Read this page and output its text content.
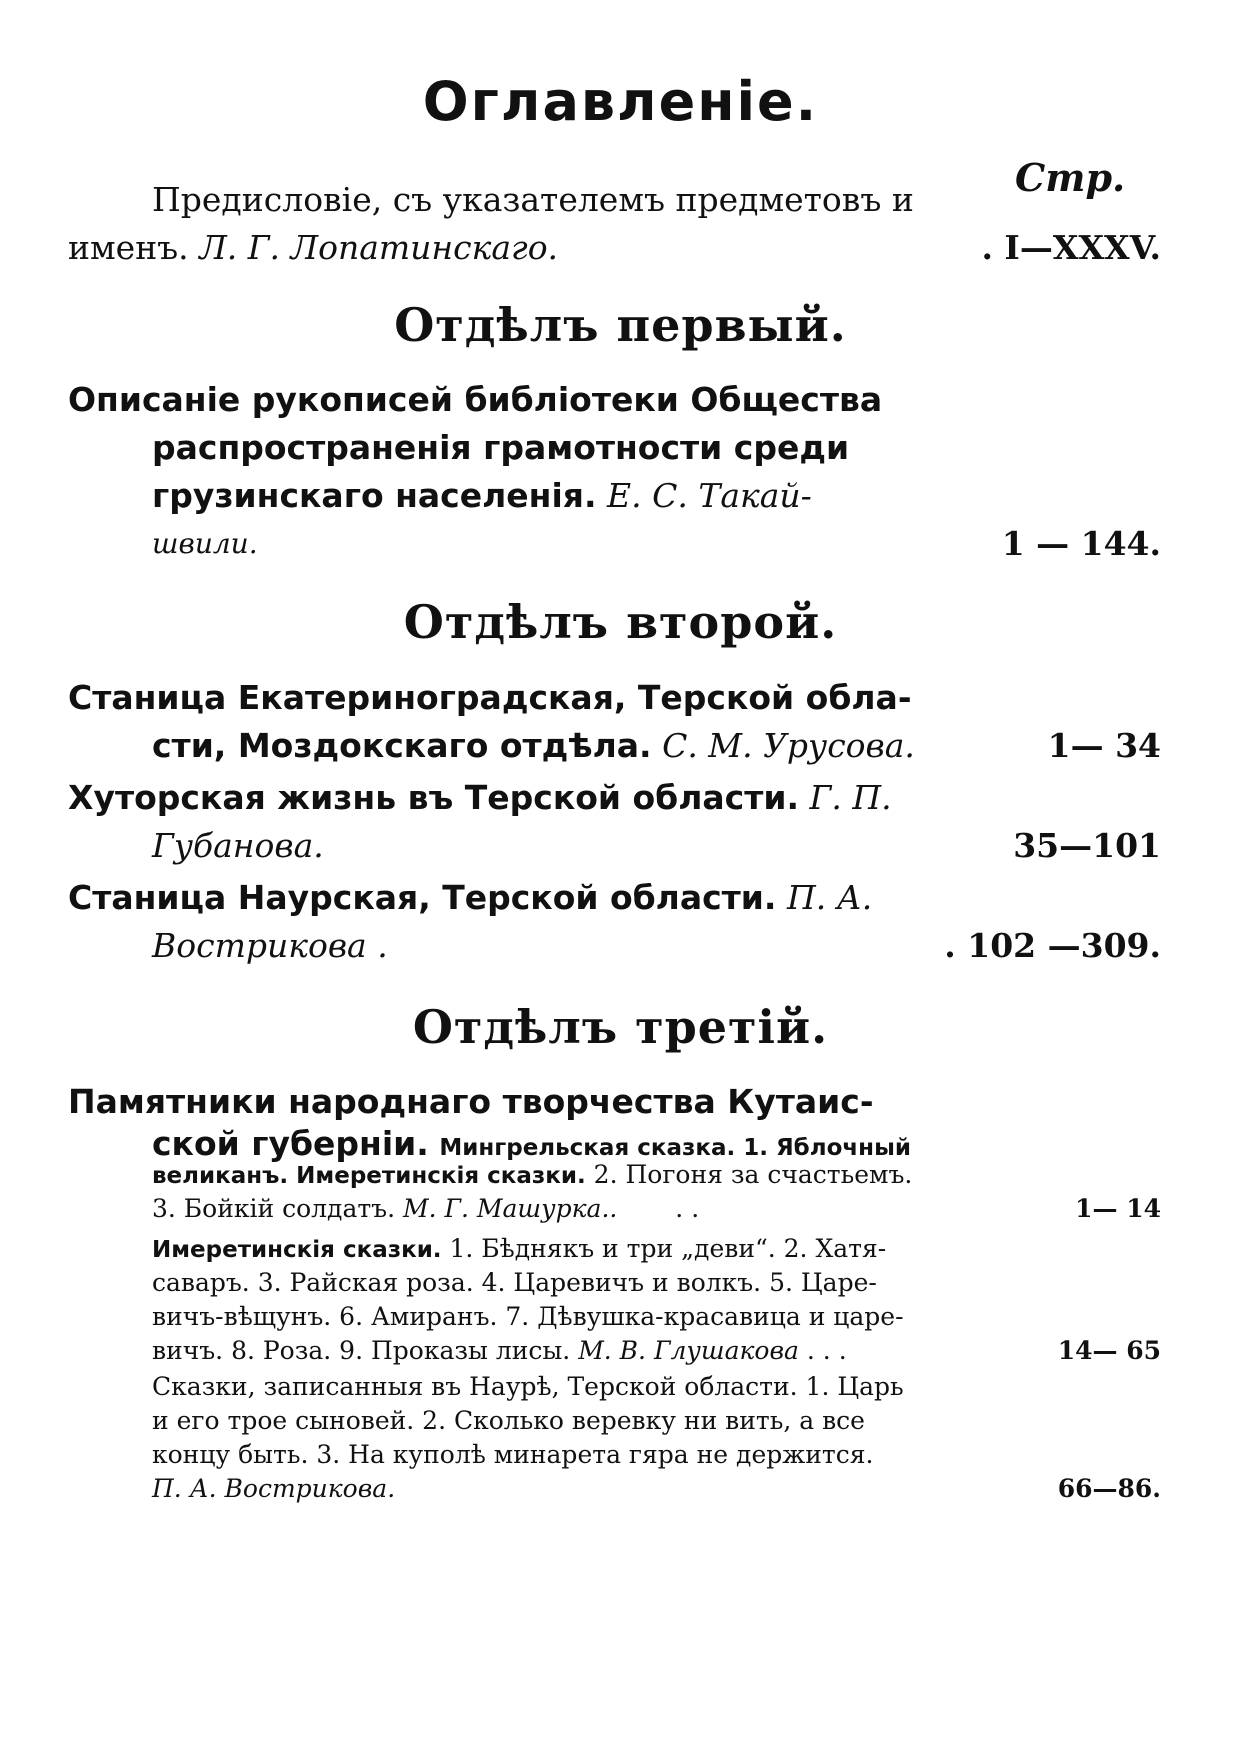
Оглавленіе.
Стр.
Предисловіе, съ указателемъ предметовъ и
именъ. Л. Г. Лопатинскаго.	. I—XXXV.
Отдѣлъ первый.
Описаніе рукописей библіотеки Общества
распространенія грамотности среди
грузинскаго населенія. Е. С. Такай-
швили.	1 — 144.
Отдѣлъ второй.
Станица Екатериноградская, Терской обла-
сти, Моздокскаго отдѣла. С. М. Урусова.	1— 34
Хуторская жизнь въ Терской области. Г. П.
Губанова.	35—101
Станица Наурская, Терской области. П. А.
Вострикова .	. 102 —309.
Отдѣлъ третій.
Памятники народнаго творчества Кутаис-
ской губерніи. Мингрельская сказка. 1. Яблочный
великанъ. Имеретинскія сказки. 2. Погоня за счастьемъ.
3. Бойкій солдатъ. М. Г. Машурка.. . .	1— 14
Имеретинскія сказки. 1. Бѣднякъ и три „деви“. 2. Хатя-
саваръ. 3. Райская роза. 4. Царевичъ и волкъ. 5. Царе-
вичъ-вѣщунъ. 6. Амиранъ. 7. Дѣвушка-красавица и царе-
вичъ. 8. Роза. 9. Проказы лисы. М. В. Глушакова . . .	14— 65
Сказки, записанныя въ Наурѣ, Терской области. 1. Царь
и его трое сыновей. 2. Сколько веревку ни вить, а все
концу быть. 3. На куполѣ минарета гяра не держится.
П. А. Вострикова.	66—86.
